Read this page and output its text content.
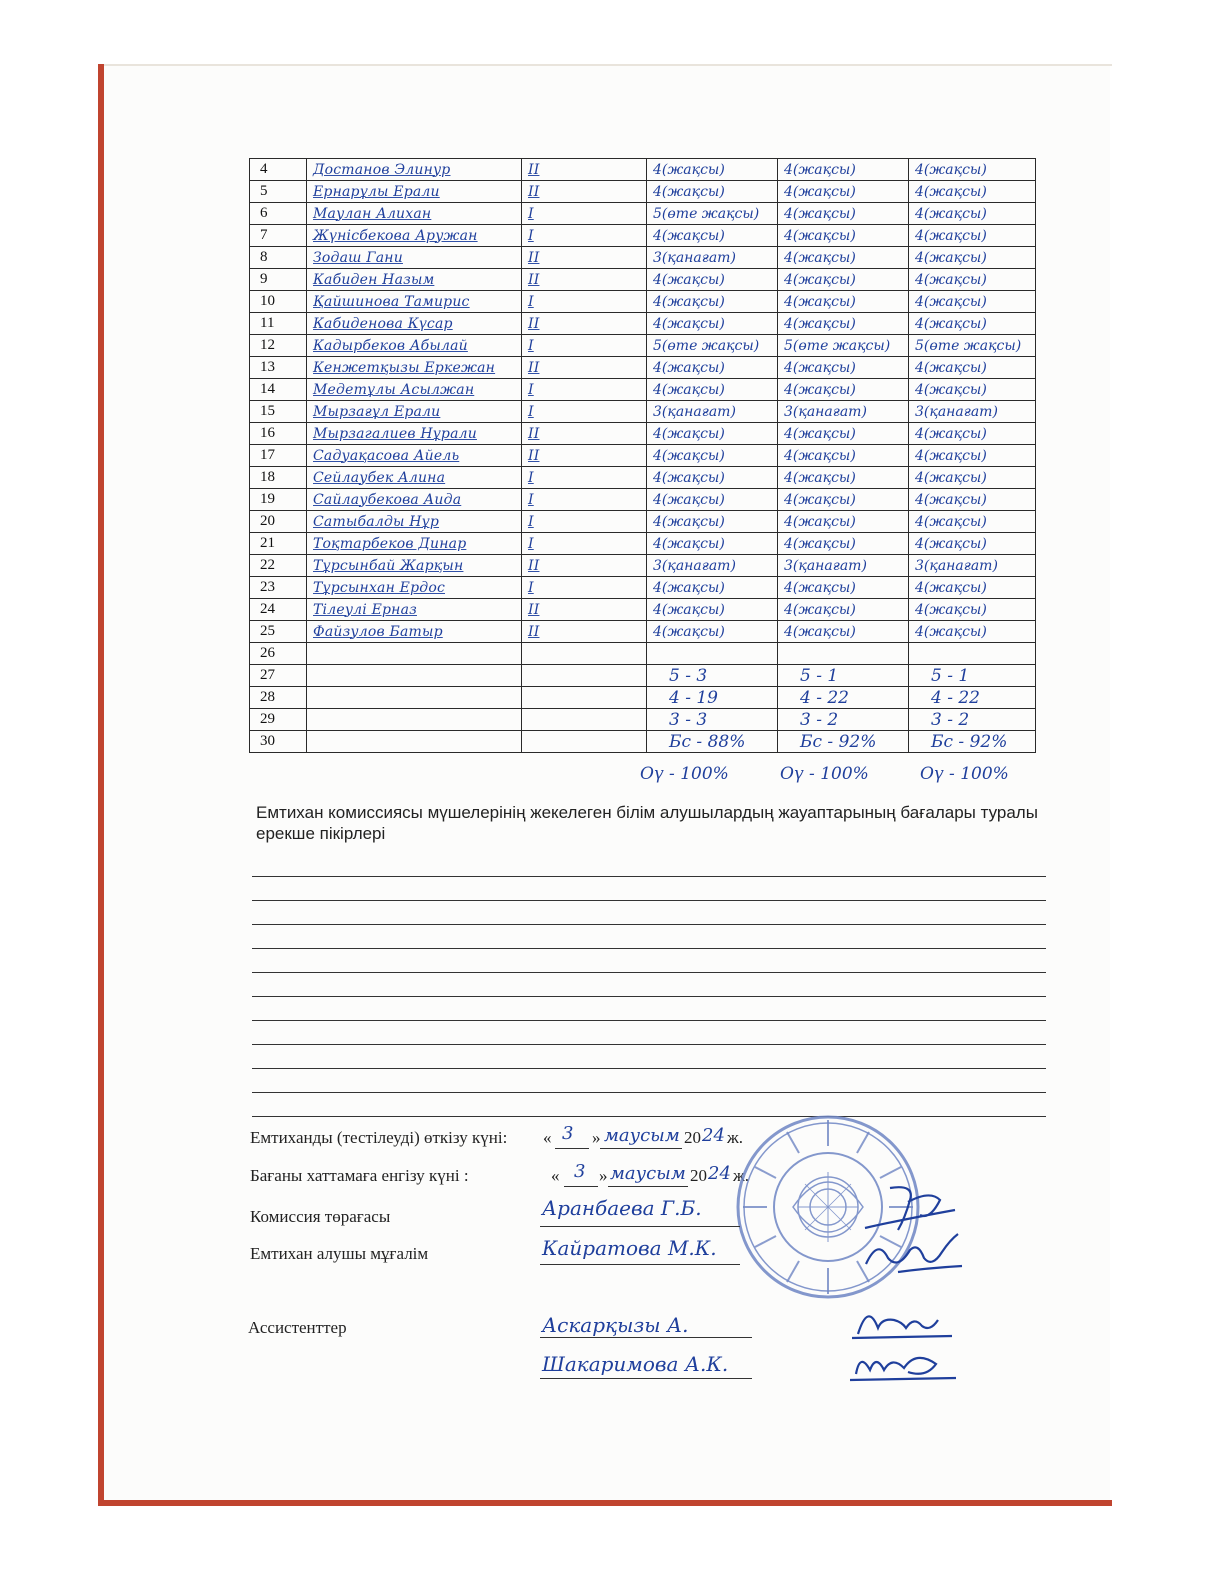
4	Достанов Элинур	II	4(жақсы)	4(жақсы)	4(жақсы)
5	Ернарұлы Ерали	II	4(жақсы)	4(жақсы)	4(жақсы)
6	Маулан Алихан	I	5(өте жақсы)	4(жақсы)	4(жақсы)
7	Жүнісбекова Аружан	I	4(жақсы)	4(жақсы)	4(жақсы)
8	Зодаш Гани	II	3(қанағат)	4(жақсы)	4(жақсы)
9	Кабиден Назым	II	4(жақсы)	4(жақсы)	4(жақсы)
10	Қайшинова Тамирис	I	4(жақсы)	4(жақсы)	4(жақсы)
11	Кабиденова Күсар	II	4(жақсы)	4(жақсы)	4(жақсы)
12	Кадырбеков Абылай	I	5(өте жақсы)	5(өте жақсы)	5(өте жақсы)
13	Кенжетқызы Еркежан	II	4(жақсы)	4(жақсы)	4(жақсы)
14	Медетұлы Асылжан	I	4(жақсы)	4(жақсы)	4(жақсы)
15	Мырзағұл Ерали	I	3(қанағат)	3(қанағат)	3(қанағат)
16	Мырзагалиев Нұрали	II	4(жақсы)	4(жақсы)	4(жақсы)
17	Садуақасова Айель	II	4(жақсы)	4(жақсы)	4(жақсы)
18	Сейлаубек Алина	I	4(жақсы)	4(жақсы)	4(жақсы)
19	Сайлаубекова Аида	I	4(жақсы)	4(жақсы)	4(жақсы)
20	Сатыбалды Нұр	I	4(жақсы)	4(жақсы)	4(жақсы)
21	Тоқтарбеков Динар	I	4(жақсы)	4(жақсы)	4(жақсы)
22	Тұрсынбай Жарқын	II	3(қанағат)	3(қанағат)	3(қанағат)
23	Тұрсынхан Ердос	I	4(жақсы)	4(жақсы)	4(жақсы)
24	Тілеулі Ерназ	II	4(жақсы)	4(жақсы)	4(жақсы)
25	Файзулов Батыр	II	4(жақсы)	4(жақсы)	4(жақсы)
26					
27			5 - 3	5 - 1	5 - 1
28			4 - 19	4 - 22	4 - 22
29			3 - 3	3 - 2	3 - 2
30			Бс - 88%	Бс - 92%	Бс - 92%
Оү - 100%	Оү - 100%	Оү - 100%
Емтихан комиссиясы мүшелерінің жекелеген білім алушылардың жауаптарының бағалары туралы ерекше пікірлері
Емтиханды (тестілеуді) өткізу күні: « 3 » маусым 20 24 ж.
Бағаны хаттамаға енгізу күні :	« 3 » маусым 20 24 ж.
Комиссия төрағасы	Аранбаева Г.Б.
Емтихан алушы мұғалім	Кайратова М.К.
Ассистенттер	Аскарқызы А.
Шакаримова А.К.
